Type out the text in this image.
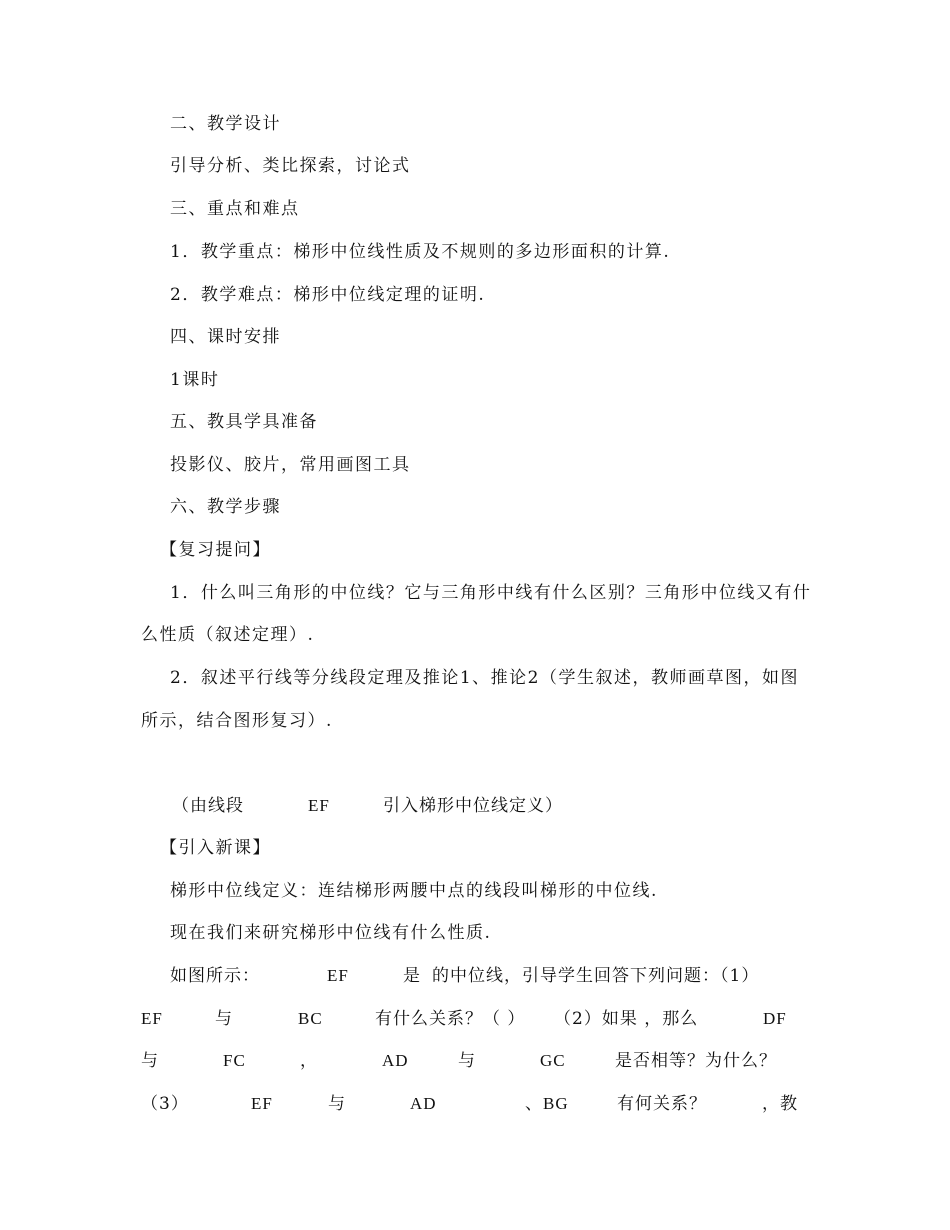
二、教学设计
引导分析、类比探索，讨论式
三、重点和难点
1．教学重点：梯形中位线性质及不规则的多边形面积的计算.
2．教学难点：梯形中位线定理的证明.
四、课时安排
1课时
五、教具学具准备
投影仪、胶片，常用画图工具
六、教学步骤
【复习提问】
1．什么叫三角形的中位线？它与三角形中线有什么区别？三角形中位线又有什
么性质（叙述定理）.
2．叙述平行线等分线段定理及推论1、推论2（学生叙述，教师画草图，如图
所示，结合图形复习）.
（由线段	EF	引入梯形中位线定义）
【引入新课】
梯形中位线定义：连结梯形两腰中点的线段叫梯形的中位线.
现在我们来研究梯形中位线有什么性质.
如图所示：	EF	是 的中位线，引导学生回答下列问题：（1）
EF	与	BC	有什么关系？（ ） （2）如果 ，那么	DF
与	FC	，	AD	与	GC	是否相等？为什么？
（3）	EF	与	AD	、BG	有何关系？	，教
